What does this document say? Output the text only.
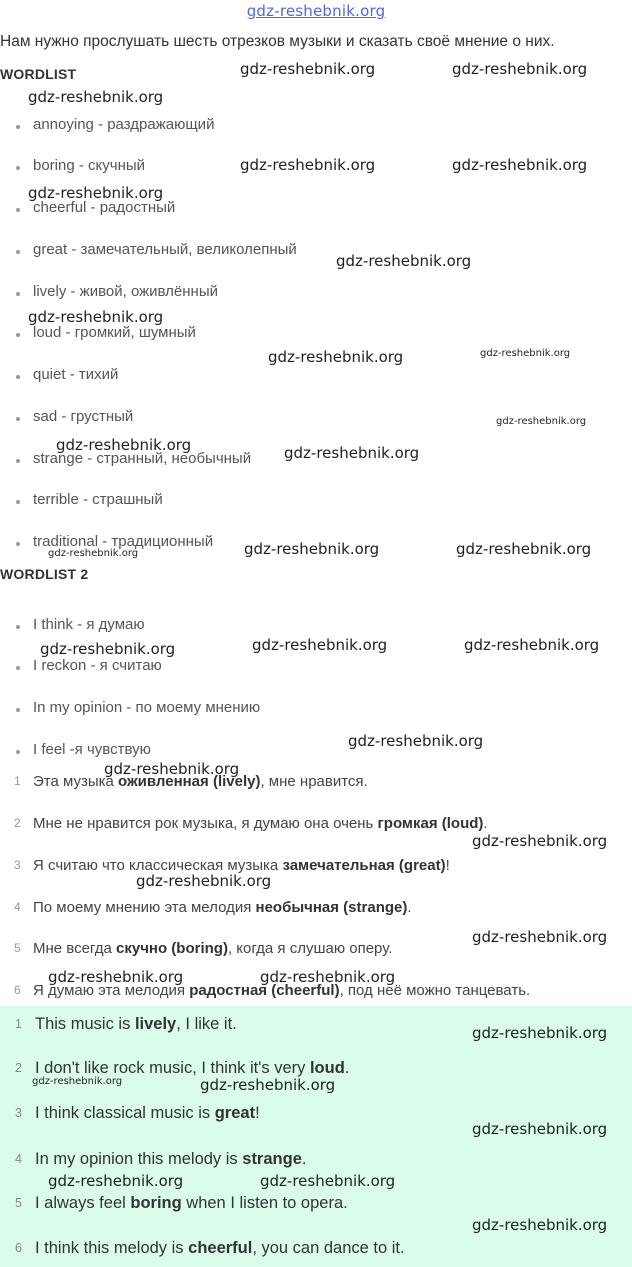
gdz-reshebnik.org
Нам нужно прослушать шесть отрезков музыки и сказать своё мнение о них.
WORDLIST
annoying - раздражающий
boring - скучный
cheerful - радостный
great - замечательный, великолепный
lively - живой, оживлённый
loud - громкий, шумный
quiet - тихий
sad - грустный
strange - странный, необычный
terrible - страшный
traditional - традиционный
WORDLIST 2
I think - я думаю
I reckon - я считаю
In my opinion - по моему мнению
I feel -я чувствую
1 Эта музыка оживленная (lively), мне нравится.
2 Мне не нравится рок музыка, я думаю она очень громкая (loud).
3 Я считаю что классическая музыка замечательная (great)!
4 По моему мнению эта мелодия необычная (strange).
5 Мне всегда скучно (boring), когда я слушаю оперу.
6 Я думаю эта мелодия радостная (cheerful), под неё можно танцевать.
1 This music is lively, I like it.
2 I don't like rock music, I think it's very loud.
3 I think classical music is great!
4 In my opinion this melody is strange.
5 I always feel boring when I listen to opera.
6 I think this melody is cheerful, you can dance to it.
gdz-reshebnik.org	gdz-reshebnik.org
gdz-reshebnik.org
gdz-reshebnik.org	gdz-reshebnik.org
gdz-reshebnik.org
gdz-reshebnik.org
gdz-reshebnik.org
gdz-reshebnik.org	gdz-reshebnik.org
gdz-reshebnik.org
gdz-reshebnik.org	gdz-reshebnik.org
gdz-reshebnik.org	gdz-reshebnik.org
gdz-reshebnik.org
gdz-reshebnik.org	gdz-reshebnik.org
gdz-reshebnik.org
gdz-reshebnik.org
gdz-reshebnik.org
gdz-reshebnik.org
gdz-reshebnik.org
gdz-reshebnik.org
gdz-reshebnik.org	gdz-reshebnik.org
gdz-reshebnik.org
gdz-reshebnik.org	gdz-reshebnik.org
gdz-reshebnik.org
gdz-reshebnik.org	gdz-reshebnik.org
gdz-reshebnik.org
